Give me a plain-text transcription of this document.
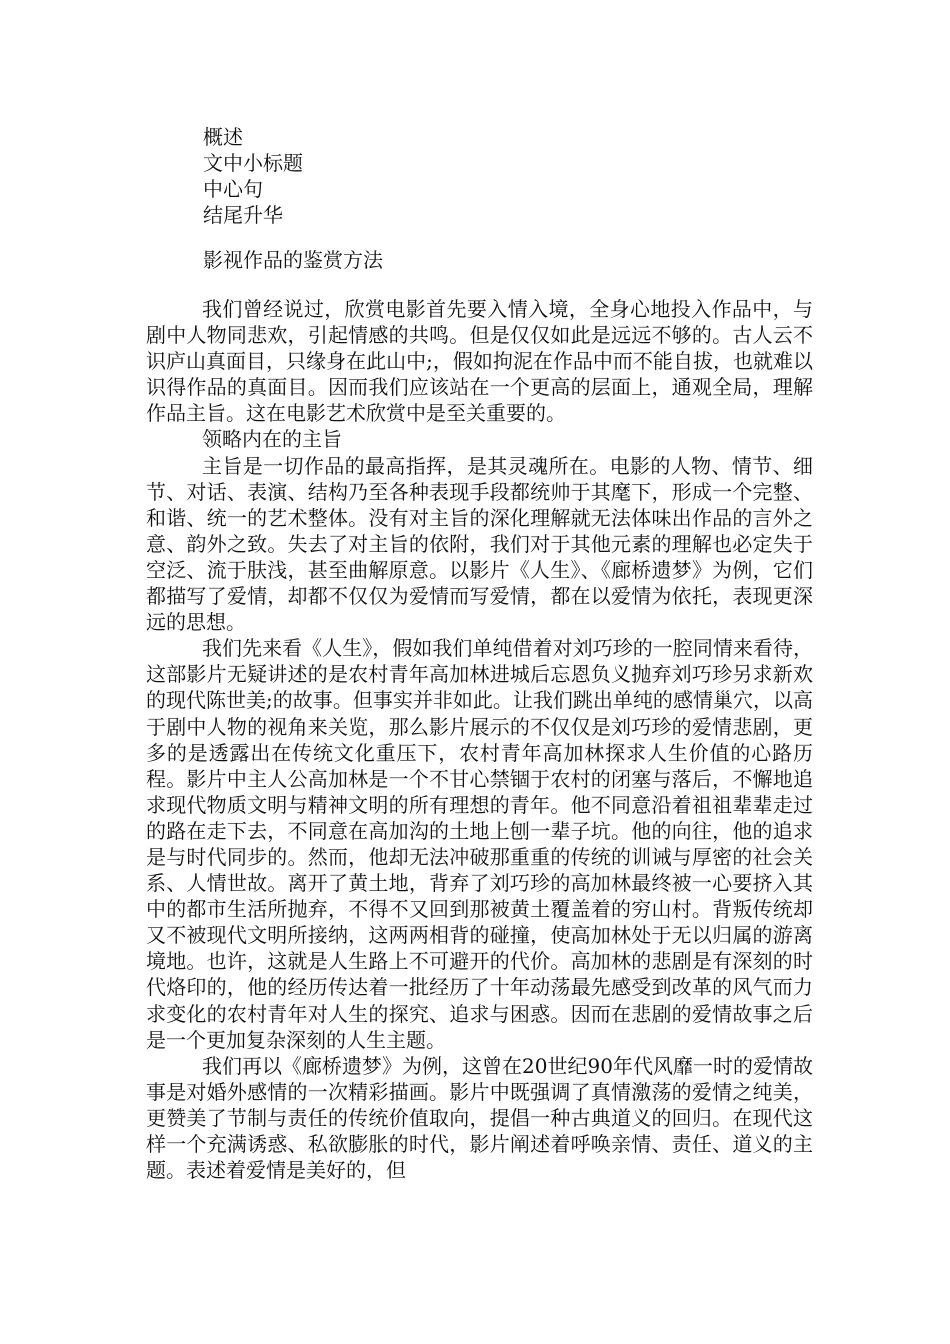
概述
文中小标题
中心句
结尾升华
影视作品的鉴赏方法

我们曾经说过，欣赏电影首先要入情入境，全身心地投入作品中，与剧中人物同悲欢，引起情感的共鸣。但是仅仅如此是远远不够的。古人云不识庐山真面目，只缘身在此山中;，假如拘泥在作品中而不能自拔，也就难以识得作品的真面目。因而我们应该站在一个更高的层面上，通观全局，理解作品主旨。这在电影艺术欣赏中是至关重要的。

领略内在的主旨

主旨是一切作品的最高指挥，是其灵魂所在。电影的人物、情节、细节、对话、表演、结构乃至各种表现手段都统帅于其麾下，形成一个完整、和谐、统一的艺术整体。没有对主旨的深化理解就无法体味出作品的言外之意、韵外之致。失去了对主旨的依附，我们对于其他元素的理解也必定失于空泛、流于肤浅，甚至曲解原意。以影片《人生》、《廊桥遗梦》为例，它们都描写了爱情，却都不仅仅为爱情而写爱情，都在以爱情为依托，表现更深远的思想。

我们先来看《人生》，假如我们单纯借着对刘巧珍的一腔同情来看待，这部影片无疑讲述的是农村青年高加林进城后忘恩负义抛弃刘巧珍另求新欢的现代陈世美;的故事。但事实并非如此。让我们跳出单纯的感情巢穴，以高于剧中人物的视角来关览，那么影片展示的不仅仅是刘巧珍的爱情悲剧，更多的是透露出在传统文化重压下，农村青年高加林探求人生价值的心路历程。影片中主人公高加林是一个不甘心禁锢于农村的闭塞与落后，不懈地追求现代物质文明与精神文明的所有理想的青年。他不同意沿着祖祖辈辈走过的路在走下去，不同意在高加沟的土地上刨一辈子坑。他的向往，他的追求是与时代同步的。然而，他却无法冲破那重重的传统的训诫与厚密的社会关系、人情世故。离开了黄土地，背弃了刘巧珍的高加林最终被一心要挤入其中的都市生活所抛弃，不得不又回到那被黄土覆盖着的穷山村。背叛传统却又不被现代文明所接纳，这两两相背的碰撞，使高加林处于无以归属的游离境地。也许，这就是人生路上不可避开的代价。高加林的悲剧是有深刻的时代烙印的，他的经历传达着一批经历了十年动荡最先感受到改革的风气而力求变化的农村青年对人生的探究、追求与困惑。因而在悲剧的爱情故事之后是一个更加复杂深刻的人生主题。

我们再以《廊桥遗梦》为例，这曾在20世纪90年代风靡一时的爱情故事是对婚外感情的一次精彩描画。影片中既强调了真情激荡的爱情之纯美，更赞美了节制与责任的传统价值取向，提倡一种古典道义的回归。在现代这样一个充满诱惑、私欲膨胀的时代，影片阐述着呼唤亲情、责任、道义的主题。表述着爱情是美好的，但
